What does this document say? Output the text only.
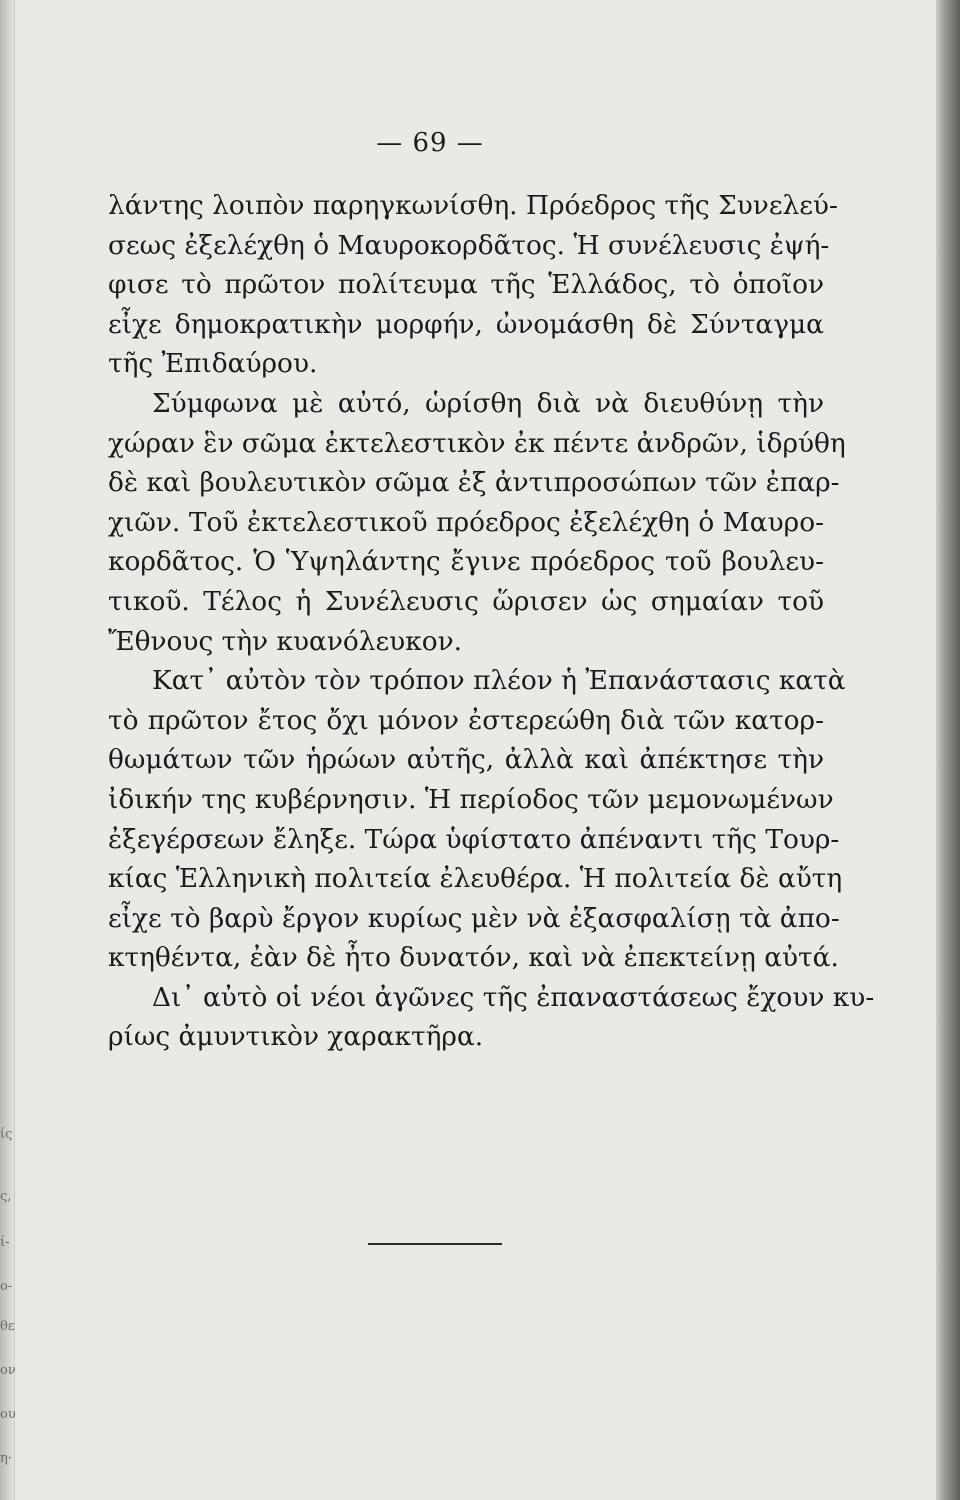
ίς
ς,
ί-
ο-
θε
ον
ου
η·
— 69 —
λάντης λοιπὸν παρηγκωνίσθη. Πρόεδρος τῆς Συνελεύ-
σεως ἐξελέχθη ὁ Μαυροκορδᾶτος. Ἡ συνέλευσις ἐψή-
φισε τὸ πρῶτον πολίτευμα τῆς Ἑλλάδος, τὸ ὁποῖον
εἶχε δημοκρατικὴν μορφήν, ὠνομάσθη δὲ Σύνταγμα
τῆς Ἐπιδαύρου.
Σύμφωνα μὲ αὐτό, ὡρίσθη διὰ νὰ διευθύνῃ τὴν
χώραν ἓν σῶμα ἐκτελεστικὸν ἐκ πέντε ἀνδρῶν, ἱδρύθη
δὲ καὶ βουλευτικὸν σῶμα ἐξ ἀντιπροσώπων τῶν ἐπαρ-
χιῶν. Τοῦ ἐκτελεστικοῦ πρόεδρος ἐξελέχθη ὁ Μαυρο-
κορδᾶτος. Ὁ Ὑψηλάντης ἔγινε πρόεδρος τοῦ βουλευ-
τικοῦ. Τέλος ἡ Συνέλευσις ὥρισεν ὡς σημαίαν τοῦ
Ἔθνους τὴν κυανόλευκον.
Κατ᾽ αὐτὸν τὸν τρόπον πλέον ἡ Ἐπανάστασις κατὰ
τὸ πρῶτον ἔτος ὄχι μόνον ἐστερεώθη διὰ τῶν κατορ-
θωμάτων τῶν ἡρώων αὐτῆς, ἀλλὰ καὶ ἀπέκτησε τὴν
ἰδικήν της κυβέρνησιν. Ἡ περίοδος τῶν μεμονωμένων
ἐξεγέρσεων ἔληξε. Τώρα ὑφίστατο ἀπέναντι τῆς Τουρ-
κίας Ἑλληνικὴ πολιτεία ἐλευθέρα. Ἡ πολιτεία δὲ αὔτη
εἶχε τὸ βαρὺ ἔργον κυρίως μὲν νὰ ἐξασφαλίσῃ τὰ ἀπο-
κτηθέντα, ἐὰν δὲ ἦτο δυνατόν, καὶ νὰ ἐπεκτείνῃ αὐτά.
Δι᾽ αὐτὸ οἱ νέοι ἀγῶνες τῆς ἐπαναστάσεως ἔχουν κυ-
ρίως ἀμυντικὸν χαρακτῆρα.
